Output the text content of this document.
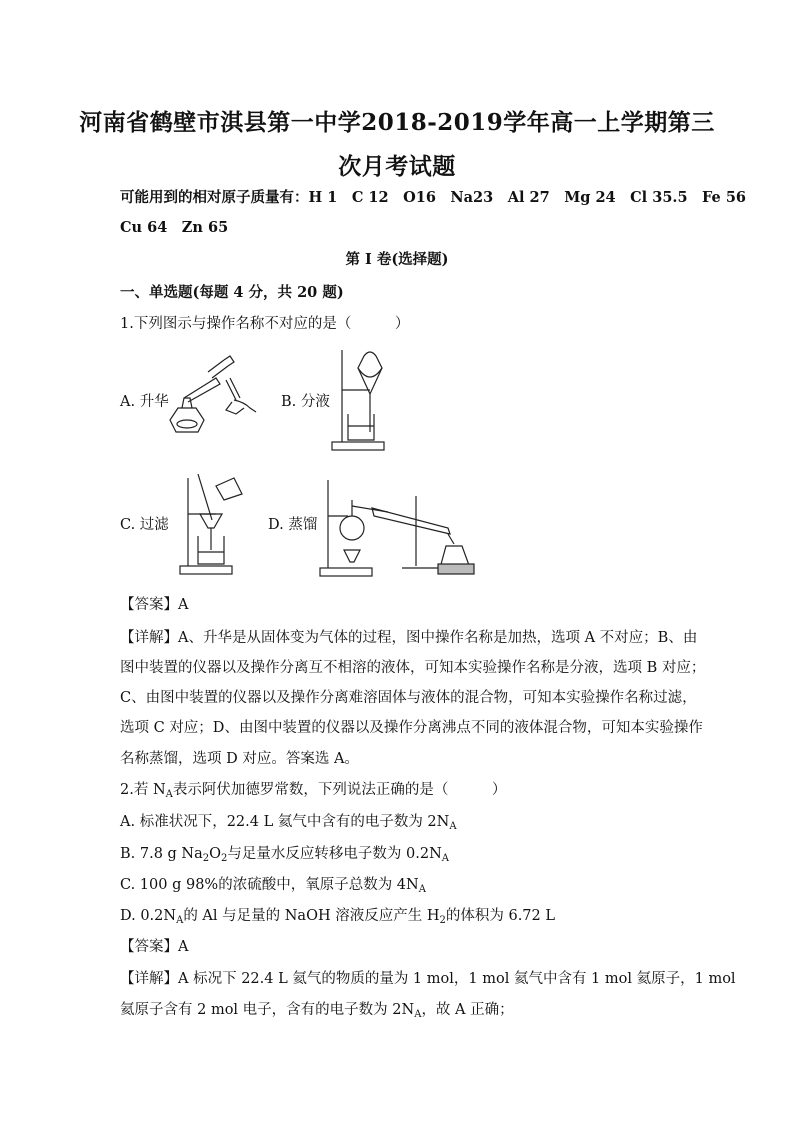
河南省鹤壁市淇县第一中学2018-2019学年高一上学期第三
次月考试题
可能用到的相对原子质量有：H 1　C 12　O16　Na23　Al 27　Mg 24　Cl 35.5　Fe 56
Cu 64　Zn 65
第 I 卷(选择题)
一、单选题(每题 4 分，共 20 题)
1.下列图示与操作名称不对应的是（　　　）
A. 升华	B. 分液
C. 过滤	D. 蒸馏
【答案】A
【详解】A、升华是从固体变为气体的过程，图中操作名称是加热，选项 A 不对应；B、由
图中装置的仪器以及操作分离互不相溶的液体，可知本实验操作名称是分液，选项 B 对应；
C、由图中装置的仪器以及操作分离难溶固体与液体的混合物，可知本实验操作名称过滤，
选项 C 对应；D、由图中装置的仪器以及操作分离沸点不同的液体混合物，可知本实验操作
名称蒸馏，选项 D 对应。答案选 A。
2.若 $N_A$表示阿伏加德罗常数，下列说法正确的是（　　　）
A. 标准状况下，22.4 L 氦气中含有的电子数为 $2N_A$
B. 7.8 g $Na_2O_2$与足量水反应转移电子数为 $0.2N_A$
C. 100 g 98%的浓硫酸中，氧原子总数为 $4N_A$
D. $0.2N_A$的 Al 与足量的 NaOH 溶液反应产生 $H_2$的体积为 6.72 L
【答案】A
【详解】A 标况下 22.4 L 氦气的物质的量为 1 mol，1 mol 氦气中含有 1 mol 氦原子，1 mol
氦原子含有 2 mol 电子，含有的电子数为 $2N_A$，故 A 正确；
